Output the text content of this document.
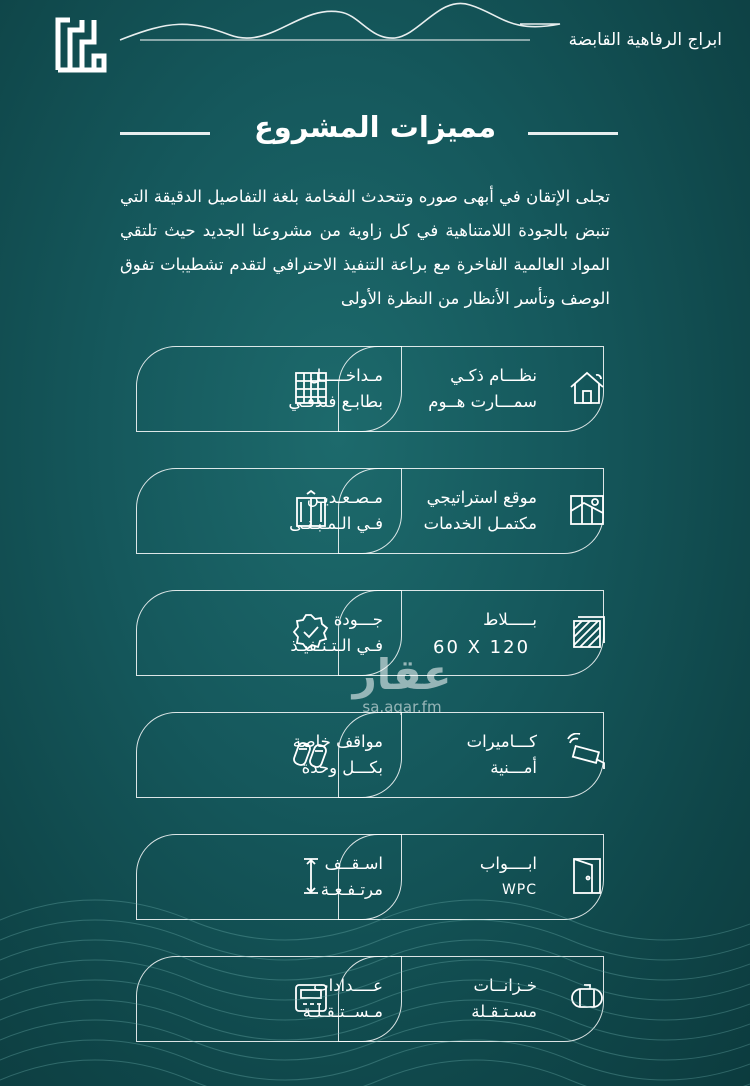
ابراج الرفاهية القابضة
مميزات المشروع
تجلى الإتقان في أبهى صوره وتتحدث الفخامة بلغة التفاصيل الدقيقة التي تنبض بالجودة اللامتناهية في كل زاوية من مشروعنا الجديد حيث تلتقي المواد العالمية الفاخرة مع براعة التنفيذ الاحترافي لتقدم تشطيبات تفوق الوصف وتأسر الأنظار من النظرة الأولى
نظـــام ذكـي
سمـــارت هــوم
مـداخـــــل
بطابـع فندقـي
موقع استراتيجي
مكتمـل الخدمات
مـصـعـديـن
فـي الـمـبـنـى
بـــــلاط
60 X 120
جـــودة
فـي الـتـنـفيـذ
كـــاميرات
أمـــنية
مواقف خاصة
بكـــل وحدة
ابــــواب
WPC
اسـقــف
مرتـفـعـة
خـزانــات
مسـتـقـلة
عــــدادات
مـســتـقـلـة
عقار
sa.aqar.fm
